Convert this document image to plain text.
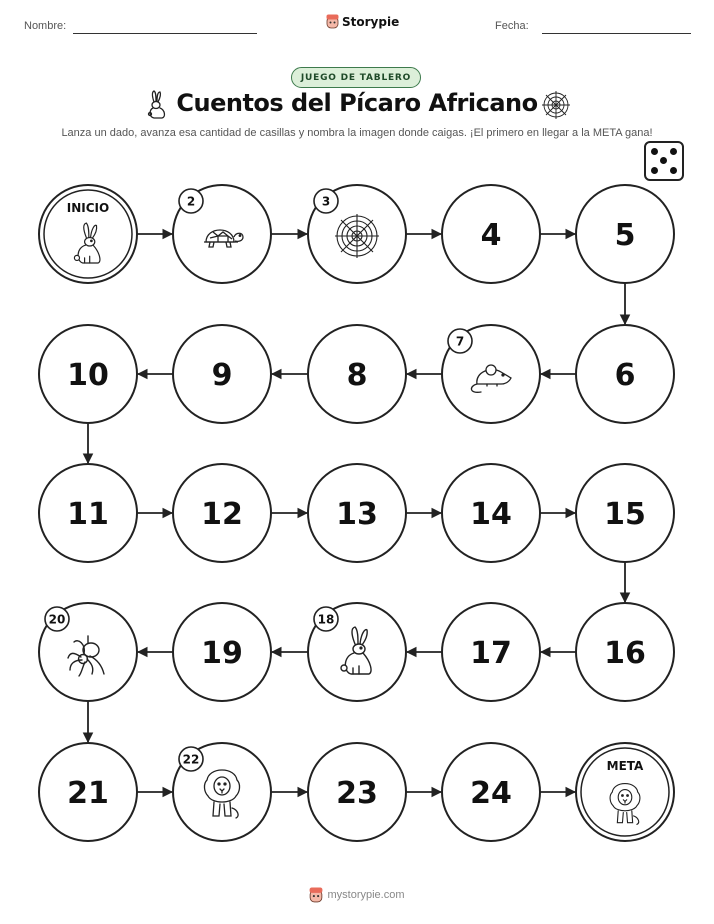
Nombre:	Storypie	Fecha:
JUEGO DE TABLERO
Cuentos del Pícaro Africano
Lanza un dado, avanza esa cantidad de casillas y nombra la imagen donde caigas. ¡El primero en llegar a la META gana!
INICIO	2	3
4	5
6
7
8
9
10
11	12	13	14	15
16
17
18
19
20
21
22
23	24
META
mystorypie.com
